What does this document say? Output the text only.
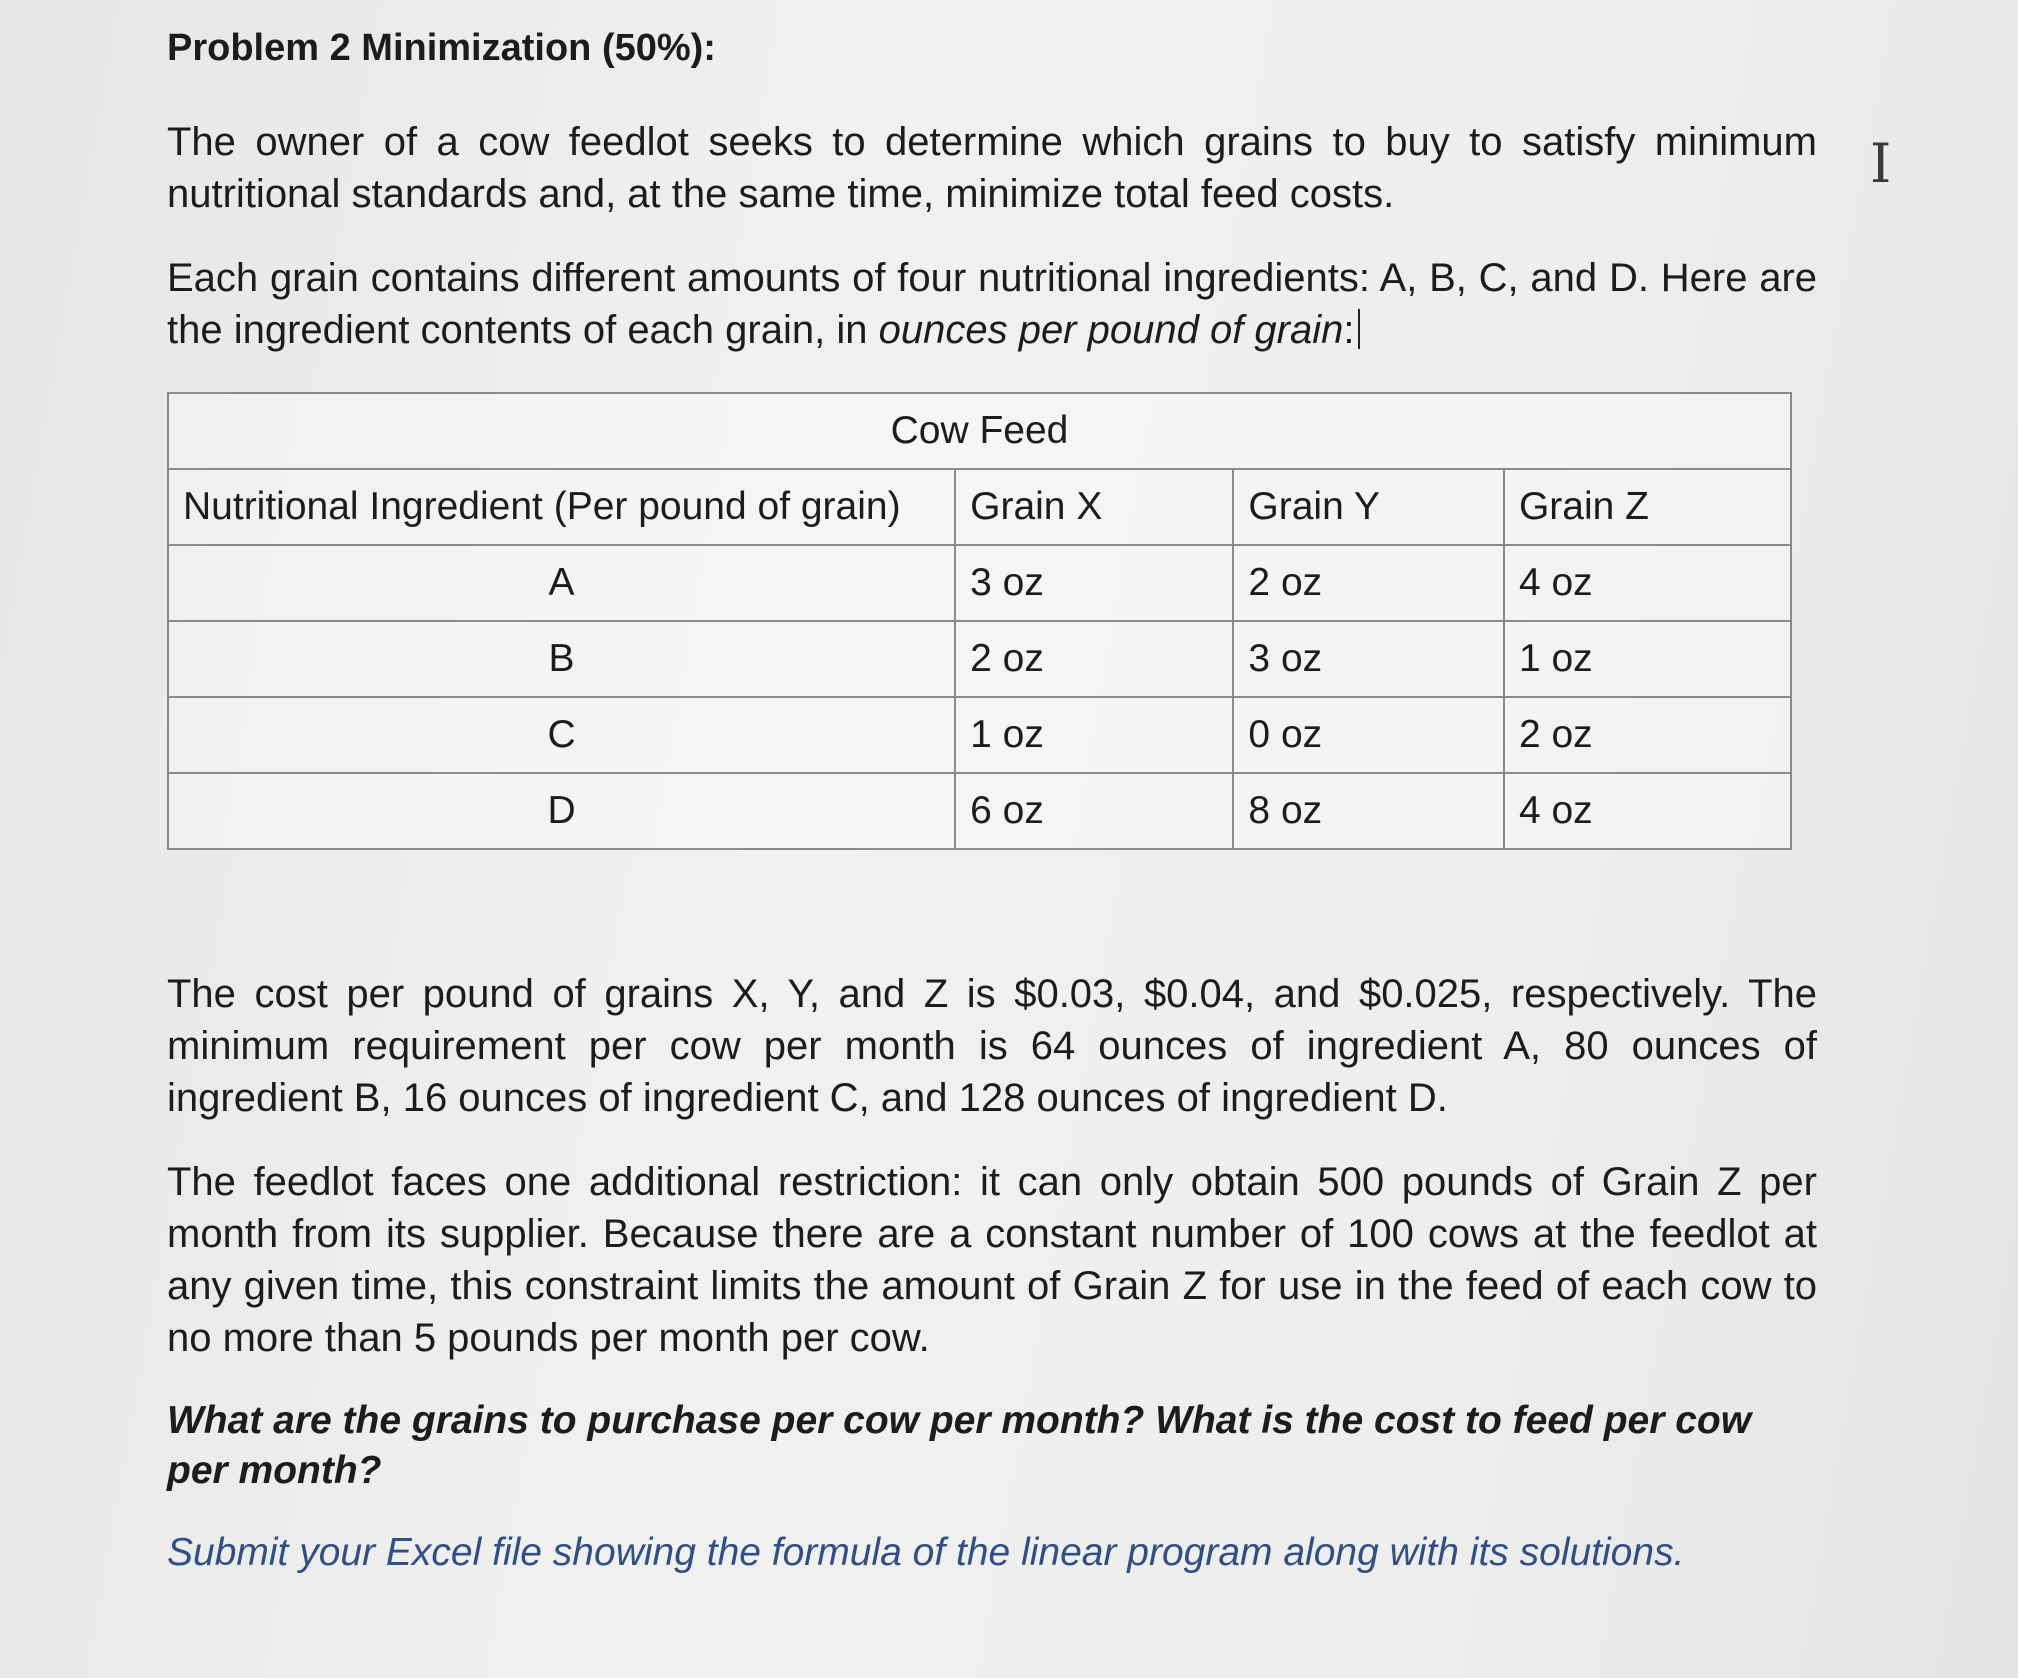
Problem 2 Minimization (50%):

The owner of a cow feedlot seeks to determine which grains to buy to satisfy minimum nutritional standards and, at the same time, minimize total feed costs.

Each grain contains different amounts of four nutritional ingredients: A, B, C, and D. Here are the ingredient contents of each grain, in ounces per pound of grain:

Cow Feed			
Nutritional Ingredient (Per pound of grain)	Grain X	Grain Y	Grain Z
A	3 oz	2 oz	4 oz
B	2 oz	3 oz	1 oz
C	1 oz	0 oz	2 oz
D	6 oz	8 oz	4 oz

The cost per pound of grains X, Y, and Z is $0.03, $0.04, and $0.025, respectively. The minimum requirement per cow per month is 64 ounces of ingredient A, 80 ounces of ingredient B, 16 ounces of ingredient C, and 128 ounces of ingredient D.

The feedlot faces one additional restriction: it can only obtain 500 pounds of Grain Z per month from its supplier. Because there are a constant number of 100 cows at the feedlot at any given time, this constraint limits the amount of Grain Z for use in the feed of each cow to no more than 5 pounds per month per cow.

What are the grains to purchase per cow per month? What is the cost to feed per cow per month?

Submit your Excel file showing the formula of the linear program along with its solutions.

I
